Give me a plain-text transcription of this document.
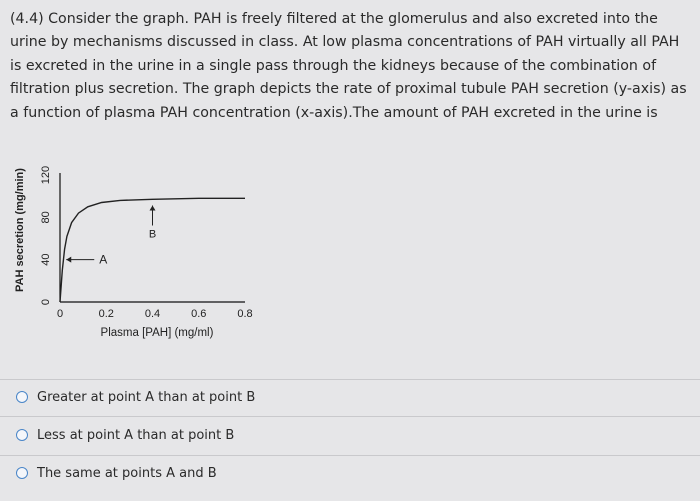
(4.4) Consider the graph. PAH is freely filtered at the glomerulus and also excreted into the urine by mechanisms discussed in class. At low plasma concentrations of PAH virtually all PAH is excreted in the urine in a single pass through the kidneys because of the combination of filtration plus secretion. The graph depicts the rate of proximal tubule PAH secretion (y-axis) as a function of plasma PAH concentration (x-axis).The amount of PAH excreted in the urine is
0
40
80
120
0	0.2	0.4	0.6	0.8
A
B
PAH secretion (mg/min)
Plasma [PAH] (mg/ml)
Greater at point A than at point B
Less at point A than at point B
The same at points A and B
